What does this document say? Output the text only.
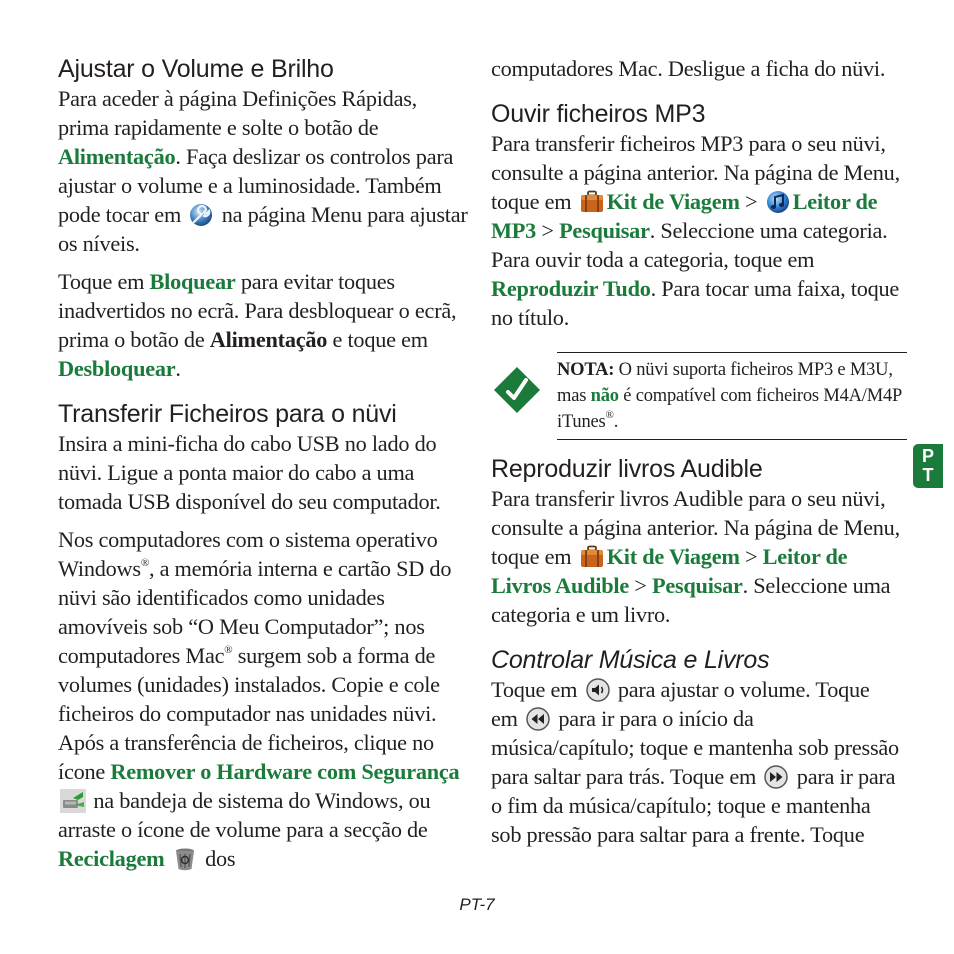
Ajustar o Volume e Brilho

Para aceder à página Definições Rápidas, prima rapidamente e solte o botão de Alimentação. Faça deslizar os controlos para ajustar o volume e a luminosidade. Também pode tocar em  na página Menu para ajustar os níveis.

Toque em Bloquear para evitar toques inadvertidos no ecrã. Para desbloquear o ecrã, prima o botão de Alimentação e toque em Desbloquear.

Transferir Ficheiros para o nüvi

Insira a mini-ficha do cabo USB no lado do nüvi. Ligue a ponta maior do cabo a uma tomada USB disponível do seu computador.

Nos computadores com o sistema operativo Windows®, a memória interna e cartão SD do nüvi são identificados como unidades amovíveis sob “O Meu Computador”; nos computadores Mac® surgem sob a forma de volumes (unidades) instalados. Copie e cole ficheiros do computador nas unidades nüvi. Após a transferência de ficheiros, clique no ícone Remover o Hardware com Segurança  na bandeja de sistema do Windows, ou arraste o ícone de volume para a secção de Reciclagem  dos

computadores Mac. Desligue a ficha do nüvi.

Ouvir ficheiros MP3

Para transferir ficheiros MP3 para o seu nüvi, consulte a página anterior. Na página de Menu, toque em Kit de Viagem > Leitor de MP3 > Pesquisar. Seleccione uma categoria. Para ouvir toda a categoria, toque em Reproduzir Tudo. Para tocar uma faixa, toque no título.

NOTA: O nüvi suporta ficheiros MP3 e M3U, mas não é compatível com ficheiros M4A/M4P iTunes®.

Reproduzir livros Audible

Para transferir livros Audible para o seu nüvi, consulte a página anterior. Na página de Menu, toque em Kit de Viagem > Leitor de Livros Audible > Pesquisar. Seleccione uma categoria e um livro.

Controlar Música e Livros

Toque em  para ajustar o volume. Toque em  para ir para o início da música/capítulo; toque e mantenha sob pressão para saltar para trás. Toque em  para ir para o fim da música/capítulo; toque e mantenha sob pressão para saltar para a frente. Toque

P
T
PT-7
